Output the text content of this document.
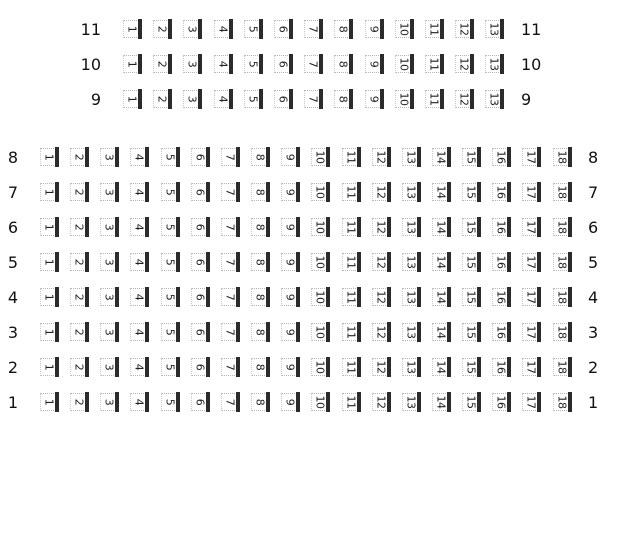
11 1 2 3 4 5 6 7 8 9 10 11 12 13 11
10 1 2 3 4 5 6 7 8 9 10 11 12 13 10
9 1 2 3 4 5 6 7 8 9 10 11 12 13 9
8 1 2 3 4 5 6 7 8 9 10 11 12 13 14 15 16 17 18 8
7 1 2 3 4 5 6 7 8 9 10 11 12 13 14 15 16 17 18 7
6 1 2 3 4 5 6 7 8 9 10 11 12 13 14 15 16 17 18 6
5 1 2 3 4 5 6 7 8 9 10 11 12 13 14 15 16 17 18 5
4 1 2 3 4 5 6 7 8 9 10 11 12 13 14 15 16 17 18 4
3 1 2 3 4 5 6 7 8 9 10 11 12 13 14 15 16 17 18 3
2 1 2 3 4 5 6 7 8 9 10 11 12 13 14 15 16 17 18 2
1 1 2 3 4 5 6 7 8 9 10 11 12 13 14 15 16 17 18 1
